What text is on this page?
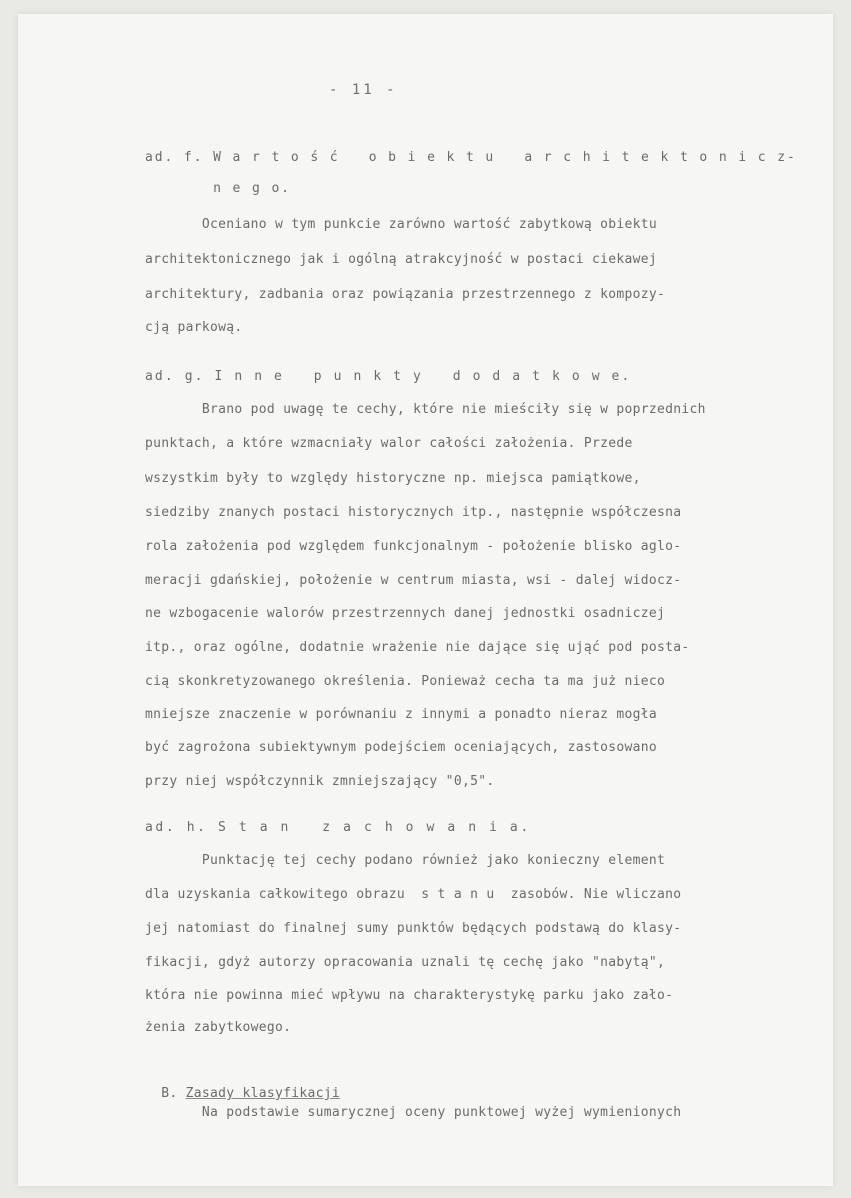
- 11 -
ad. f. W a r t o ś ć   o b i e k t u   a r c h i t e k t o n i c z-
n e g o.
Oceniano w tym punkcie zarówno wartość zabytkową obiektu
architektonicznego jak i ogólną atrakcyjność w postaci ciekawej
architektury, zadbania oraz powiązania przestrzennego z kompozy-
cją parkową.
ad. g. I n n e   p u n k t y   d o d a t k o w e.
Brano pod uwagę te cechy, które nie mieściły się w poprzednich
punktach, a które wzmacniały walor całości założenia. Przede
wszystkim były to względy historyczne np. miejsca pamiątkowe,
siedziby znanych postaci historycznych itp., następnie współczesna
rola założenia pod względem funkcjonalnym - położenie blisko aglo-
meracji gdańskiej, położenie w centrum miasta, wsi - dalej widocz-
ne wzbogacenie walorów przestrzennych danej jednostki osadniczej
itp., oraz ogólne, dodatnie wrażenie nie dające się ująć pod posta-
cią skonkretyzowanego określenia. Ponieważ cecha ta ma już nieco
mniejsze znaczenie w porównaniu z innymi a ponadto nieraz mogła
być zagrożona subiektywnym podejściem oceniających, zastosowano
przy niej współczynnik zmniejszający "0,5".
ad. h. S t a n   z a c h o w a n i a.
Punktację tej cechy podano również jako konieczny element
dla uzyskania całkowitego obrazu  s t a n u  zasobów. Nie wliczano
jej natomiast do finalnej sumy punktów będących podstawą do klasy-
fikacji, gdyż autorzy opracowania uznali tę cechę jako "nabytą",
która nie powinna mieć wpływu na charakterystykę parku jako zało-
żenia zabytkowego.

B. Zasady klasyfikacji

Na podstawie sumarycznej oceny punktowej wyżej wymienionych
